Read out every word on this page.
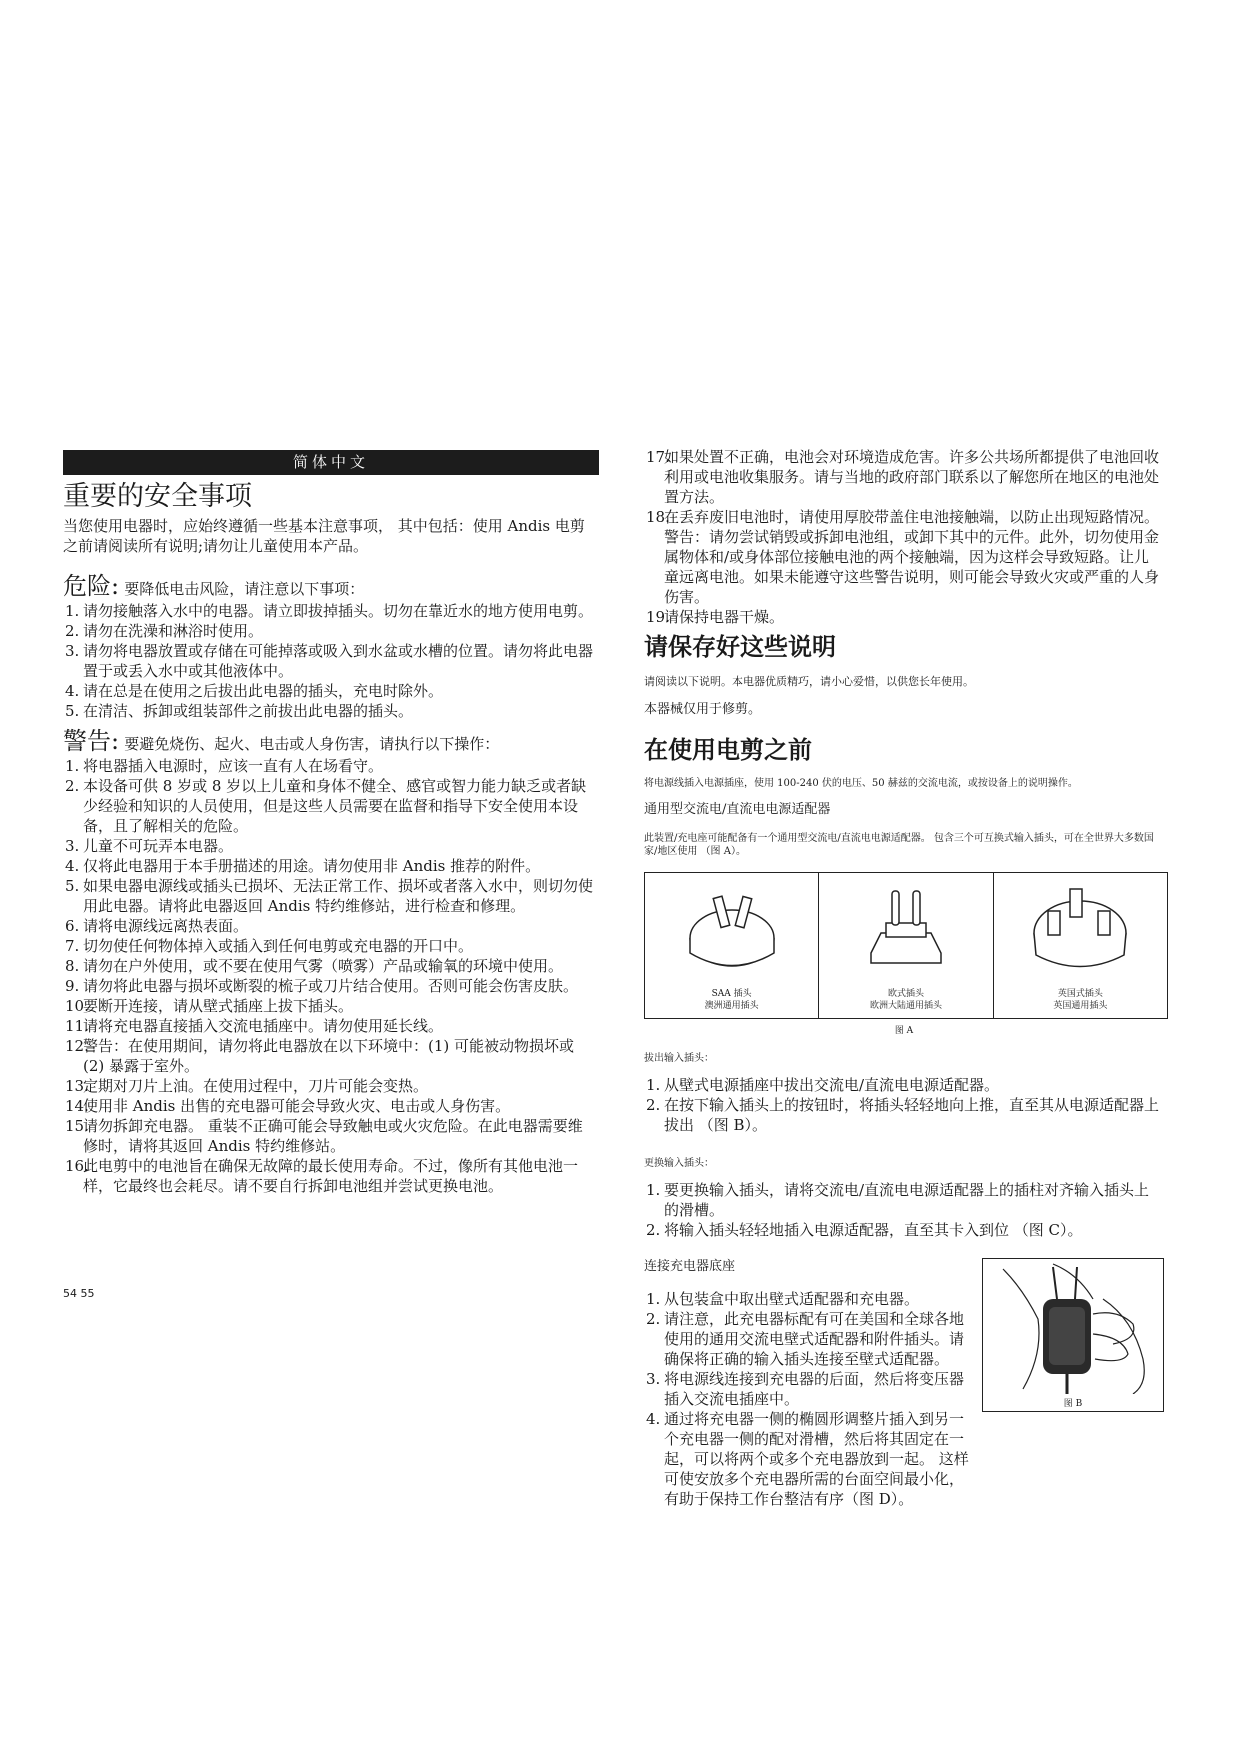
简体中文
重要的安全事项

当您使用电器时，应始终遵循一些基本注意事项， 其中包括：使用 Andis 电剪之前请阅读所有说明;请勿让儿童使用本产品。

危险: 要降低电击风险，请注意以下事项：
1. 请勿接触落入水中的电器。请立即拔掉插头。切勿在靠近水的地方使用电剪。
2. 请勿在洗澡和淋浴时使用。
3. 请勿将电器放置或存储在可能掉落或吸入到水盆或水槽的位置。请勿将此电器置于或丢入水中或其他液体中。
4. 请在总是在使用之后拔出此电器的插头，充电时除外。
5. 在清洁、拆卸或组装部件之前拔出此电器的插头。
警告: 要避免烧伤、起火、电击或人身伤害，请执行以下操作：
1. 将电器插入电源时，应该一直有人在场看守。
2. 本设备可供 8 岁或 8 岁以上儿童和身体不健全、感官或智力能力缺乏或者缺少经验和知识的人员使用，但是这些人员需要在监督和指导下安全使用本设备，且了解相关的危险。
3. 儿童不可玩弄本电器。
4. 仅将此电器用于本手册描述的用途。请勿使用非 Andis 推荐的附件。
5. 如果电器电源线或插头已损坏、无法正常工作、损坏或者落入水中，则切勿使用此电器。请将此电器返回 Andis 特约维修站，进行检查和修理。
6. 请将电源线远离热表面。
7. 切勿使任何物体掉入或插入到任何电剪或充电器的开口中。
8. 请勿在户外使用，或不要在使用气雾（喷雾）产品或输氧的环境中使用。
9. 请勿将此电器与损坏或断裂的梳子或刀片结合使用。否则可能会伤害皮肤。
10.
要断开连接，请从壁式插座上拔下插头。
11.
请将充电器直接插入交流电插座中。请勿使用延长线。
12.
警告：在使用期间，请勿将此电器放在以下环境中：(1) 可能被动物损坏或 (2) 暴露于室外。
13.
定期对刀片上油。在使用过程中，刀片可能会变热。
14.
使用非 Andis 出售的充电器可能会导致火灾、电击或人身伤害。
15.
请勿拆卸充电器。 重装不正确可能会导致触电或火灾危险。在此电器需要维修时，请将其返回 Andis 特约维修站。
16.
此电剪中的电池旨在确保无故障的最长使用寿命。不过，像所有其他电池一样，它最终也会耗尽。请不要自行拆卸电池组并尝试更换电池。
54 55
17.
如果处置不正确，电池会对环境造成危害。许多公共场所都提供了电池回收利用或电池收集服务。请与当地的政府部门联系以了解您所在地区的电池处置方法。
18.
在丢弃废旧电池时，请使用厚胶带盖住电池接触端，以防止出现短路情况。警告：请勿尝试销毁或拆卸电池组，或卸下其中的元件。此外，切勿使用金属物体和/或身体部位接触电池的两个接触端，因为这样会导致短路。让儿童远离电池。如果未能遵守这些警告说明，则可能会导致火灾或严重的人身伤害。
19.
请保持电器干燥。
请保存好这些说明

请阅读以下说明。本电器优质精巧，请小心爱惜，以供您长年使用。

本器械仅用于修剪。

在使用电剪之前

将电源线插入电源插座，使用 100-240 伏的电压、50 赫兹的交流电流，或按设备上的说明操作。

通用型交流电/直流电电源适配器

此装置/充电座可能配备有一个通用型交流电/直流电电源适配器。 包含三个可互换式输入插头，可在全世界大多数国家/地区使用 （图 A）。

SAA 插头
澳洲通用插头
欧式插头
欧洲大陆通用插头
英国式插头
英国通用插头
图 A

拔出输入插头：

1. 从壁式电源插座中拔出交流电/直流电电源适配器。
2. 在按下输入插头上的按钮时，将插头轻轻地向上推，直至其从电源适配器上拔出 （图 B）。

更换输入插头：

1. 要更换输入插头，请将交流电/直流电电源适配器上的插柱对齐输入插头上的滑槽。
2. 将输入插头轻轻地插入电源适配器，直至其卡入到位 （图 C）。

连接充电器底座

1. 从包装盒中取出壁式适配器和充电器。
2. 请注意，此充电器标配有可在美国和全球各地使用的通用交流电壁式适配器和附件插头。请确保将正确的输入插头连接至壁式适配器。
3. 将电源线连接到充电器的后面，然后将变压器插入交流电插座中。
4. 通过将充电器一侧的椭圆形调整片插入到另一个充电器一侧的配对滑槽，然后将其固定在一起，可以将两个或多个充电器放到一起。 这样可使安放多个充电器所需的台面空间最小化，有助于保持工作台整洁有序（图 D）。
图 B
